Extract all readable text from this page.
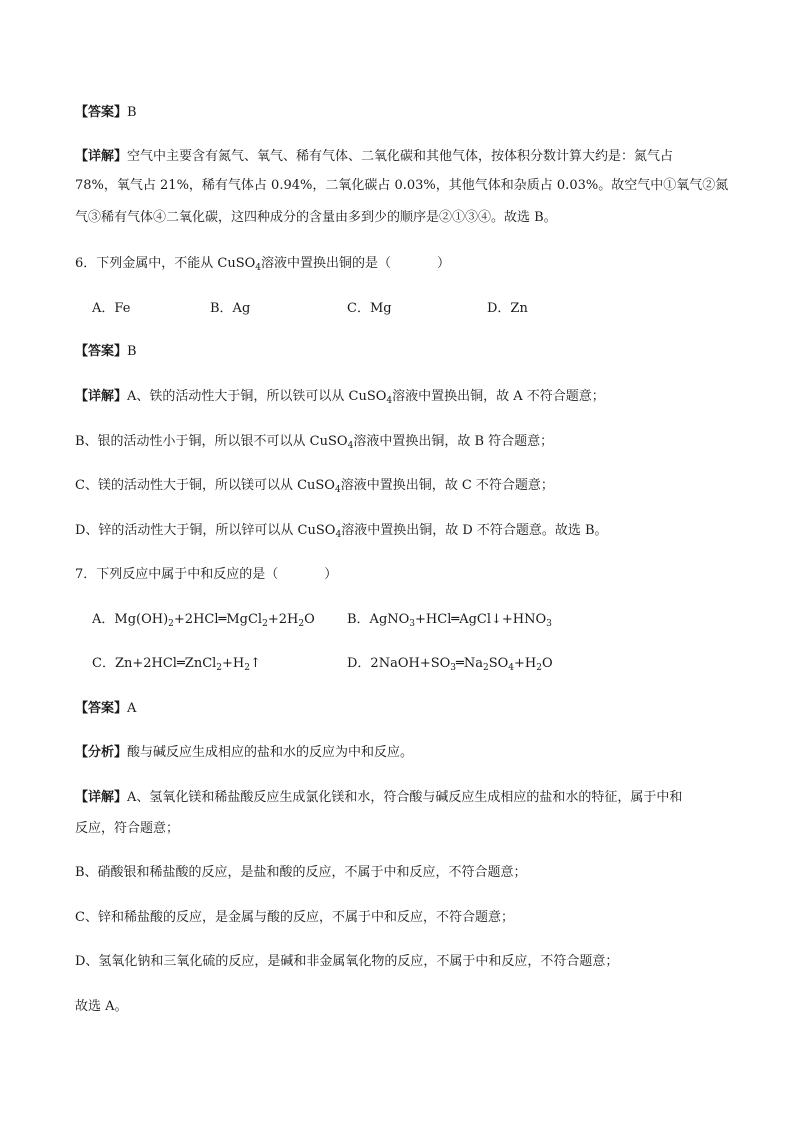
【答案】B
【详解】空气中主要含有氮气、氧气、稀有气体、二氧化碳和其他气体，按体积分数计算大约是：氮气占
78%，氧气占 21%，稀有气体占 0.94%，二氧化碳占 0.03%，其他气体和杂质占 0.03%。故空气中①氧气②氮
气③稀有气体④二氧化碳，这四种成分的含量由多到少的顺序是②①③④。故选 B。
6．下列金属中，不能从 CuSO$_4$溶液中置换出铜的是（	）
A．Fe	B．Ag	C．Mg	D．Zn
【答案】B
【详解】A、铁的活动性大于铜，所以铁可以从 CuSO$_4$溶液中置换出铜，故 A 不符合题意；
B、银的活动性小于铜，所以银不可以从 CuSO$_4$溶液中置换出铜，故 B 符合题意；
C、镁的活动性大于铜，所以镁可以从 CuSO$_4$溶液中置换出铜，故 C 不符合题意；
D、锌的活动性大于铜，所以锌可以从 CuSO$_4$溶液中置换出铜，故 D 不符合题意。故选 B。
7．下列反应中属于中和反应的是（	）
A．$Mg(OH)_2+2HCl═MgCl_2+2H_2O$ B．$AgNO_3+HCl═AgCl↓+HNO_3$
C．$Zn+2HCl═ZnCl_2+H_2↑$	D．$2NaOH+SO_3═Na_2SO_4+H_2O$
【答案】A
【分析】酸与碱反应生成相应的盐和水的反应为中和反应。
【详解】A、氢氧化镁和稀盐酸反应生成氯化镁和水，符合酸与碱反应生成相应的盐和水的特征，属于中和
反应，符合题意；
B、硝酸银和稀盐酸的反应，是盐和酸的反应，不属于中和反应，不符合题意；
C、锌和稀盐酸的反应，是金属与酸的反应，不属于中和反应，不符合题意；
D、氢氧化钠和三氧化硫的反应，是碱和非金属氧化物的反应，不属于中和反应，不符合题意；
故选 A。
